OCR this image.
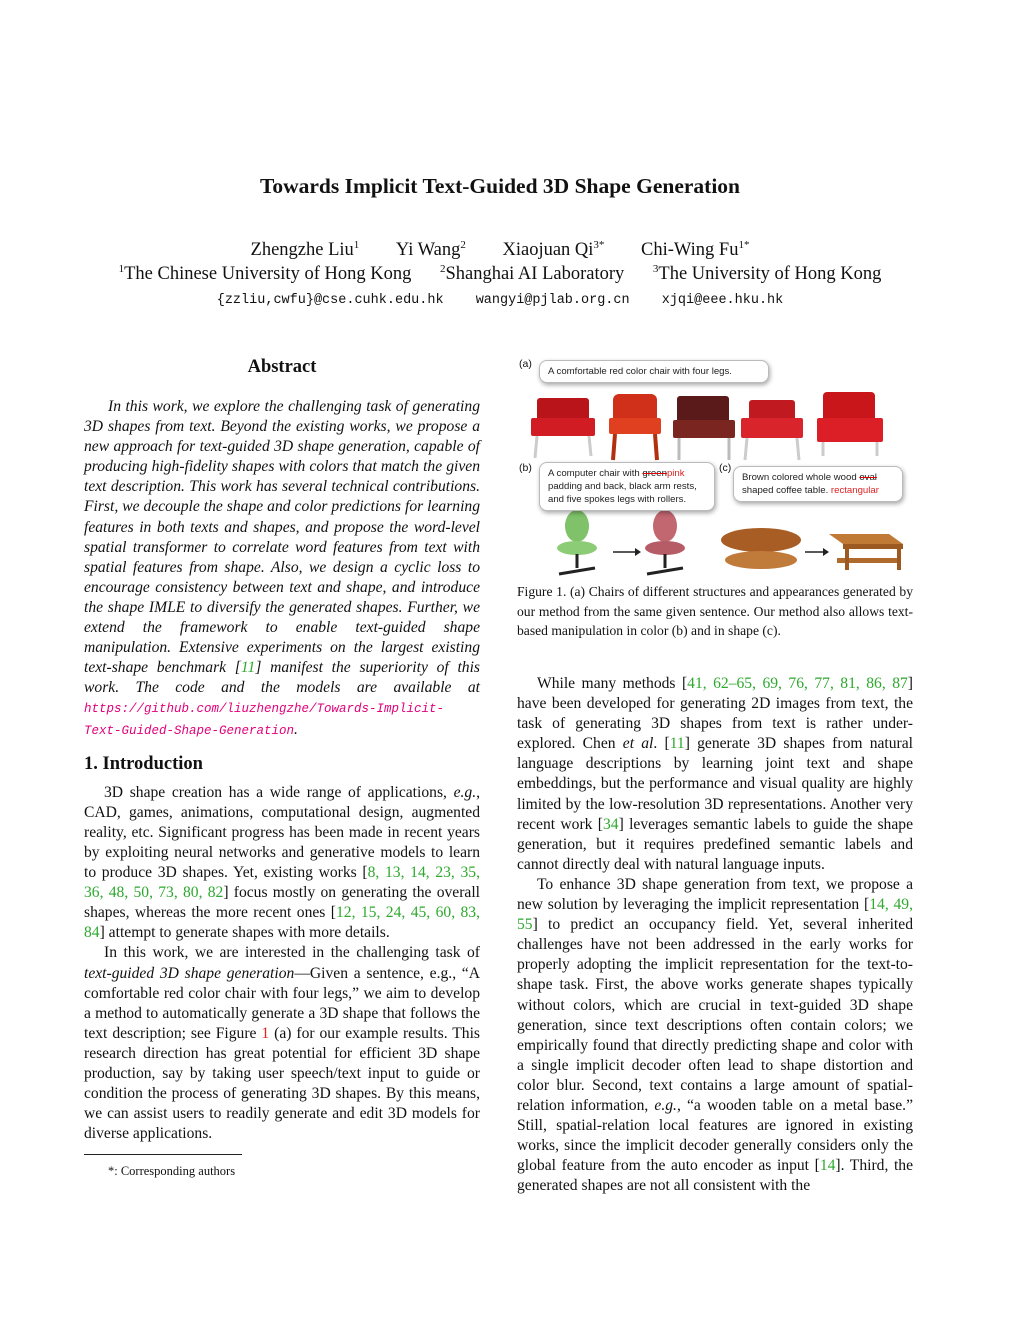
Towards Implicit Text-Guided 3D Shape Generation
Zhengzhe Liu$^1$ Yi Wang$^2$ Xiaojuan $Qi^{3*}$ Chi-Wing $Fu^{1*}$
$^1$The Chinese University of Hong Kong	$^2$Shanghai AI Laboratory	$^3$The University of Hong Kong
{zzliu,cwfu}@cse.cuhk.edu.hk wangyi@pjlab.org.cn xjqi@eee.hku.hk
Abstract

In this work, we explore the challenging task of generating 3D shapes from text. Beyond the existing works, we propose a new approach for text-guided 3D shape generation, capable of producing high-fidelity shapes with colors that match the given text description. This work has several technical contributions. First, we decouple the shape and color predictions for learning features in both texts and shapes, and propose the word-level spatial transformer to correlate word features from text with spatial features from shape. Also, we design a cyclic loss to encourage consistency between text and shape, and introduce the shape IMLE to diversify the generated shapes. Further, we extend the framework to enable text-guided shape manipulation. Extensive experiments on the largest existing text-shape benchmark [11] manifest the superiority of this work. The code and the models are available at https://github.com/liuzhengzhe/Towards-Implicit-Text-Guided-Shape-Generation.

1. Introduction

3D shape creation has a wide range of applications, e.g., CAD, games, animations, computational design, augmented reality, etc. Significant progress has been made in recent years by exploiting neural networks and generative models to learn to produce 3D shapes. Yet, existing works [8, 13, 14, 23, 35, 36, 48, 50, 73, 80, 82] focus mostly on generating the overall shapes, whereas the more recent ones [12, 15, 24, 45, 60, 83, 84] attempt to generate shapes with more details.

In this work, we are interested in the challenging task of text-guided 3D shape generation—Given a sentence, e.g., “A comfortable red color chair with four legs,” we aim to develop a method to automatically generate a 3D shape that follows the text description; see Figure 1 (a) for our example results. This research direction has great potential for efficient 3D shape production, say by taking user speech/text input to guide or condition the process of generating 3D shapes. By this means, we can assist users to readily generate and edit 3D models for diverse applications.

*: Corresponding authors
(a)
A comfortable red color chair with four legs.
(b)	A computer chair with greenpink padding and back, black arm rests, and five spokes legs with rollers.
(c)
Brown colored whole wood oval shaped coffee table. rectangular
Figure 1. (a) Chairs of different structures and appearances generated by our method from the same given sentence. Our method also allows text-based manipulation in color (b) and in shape (c).

While many methods [41, 62–65, 69, 76, 77, 81, 86, 87] have been developed for generating 2D images from text, the task of generating 3D shapes from text is rather under-explored. Chen et al. [11] generate 3D shapes from natural language descriptions by learning joint text and shape embeddings, but the performance and visual quality are highly limited by the low-resolution 3D representations. Another very recent work [34] leverages semantic labels to guide the shape generation, but it requires predefined semantic labels and cannot directly deal with natural language inputs.

To enhance 3D shape generation from text, we propose a new solution by leveraging the implicit representation [14, 49, 55] to predict an occupancy field. Yet, several inherited challenges have not been addressed in the early works for properly adopting the implicit representation for the text-to-shape task. First, the above works generate shapes typically without colors, which are crucial in text-guided 3D shape generation, since text descriptions often contain colors; we empirically found that directly predicting shape and color with a single implicit decoder often lead to shape distortion and color blur. Second, text contains a large amount of spatial-relation information, e.g., “a wooden table on a metal base.” Still, spatial-relation local features are ignored in existing works, since the implicit decoder generally considers only the global feature from the auto encoder as input [14]. Third, the generated shapes are not all consistent with the
